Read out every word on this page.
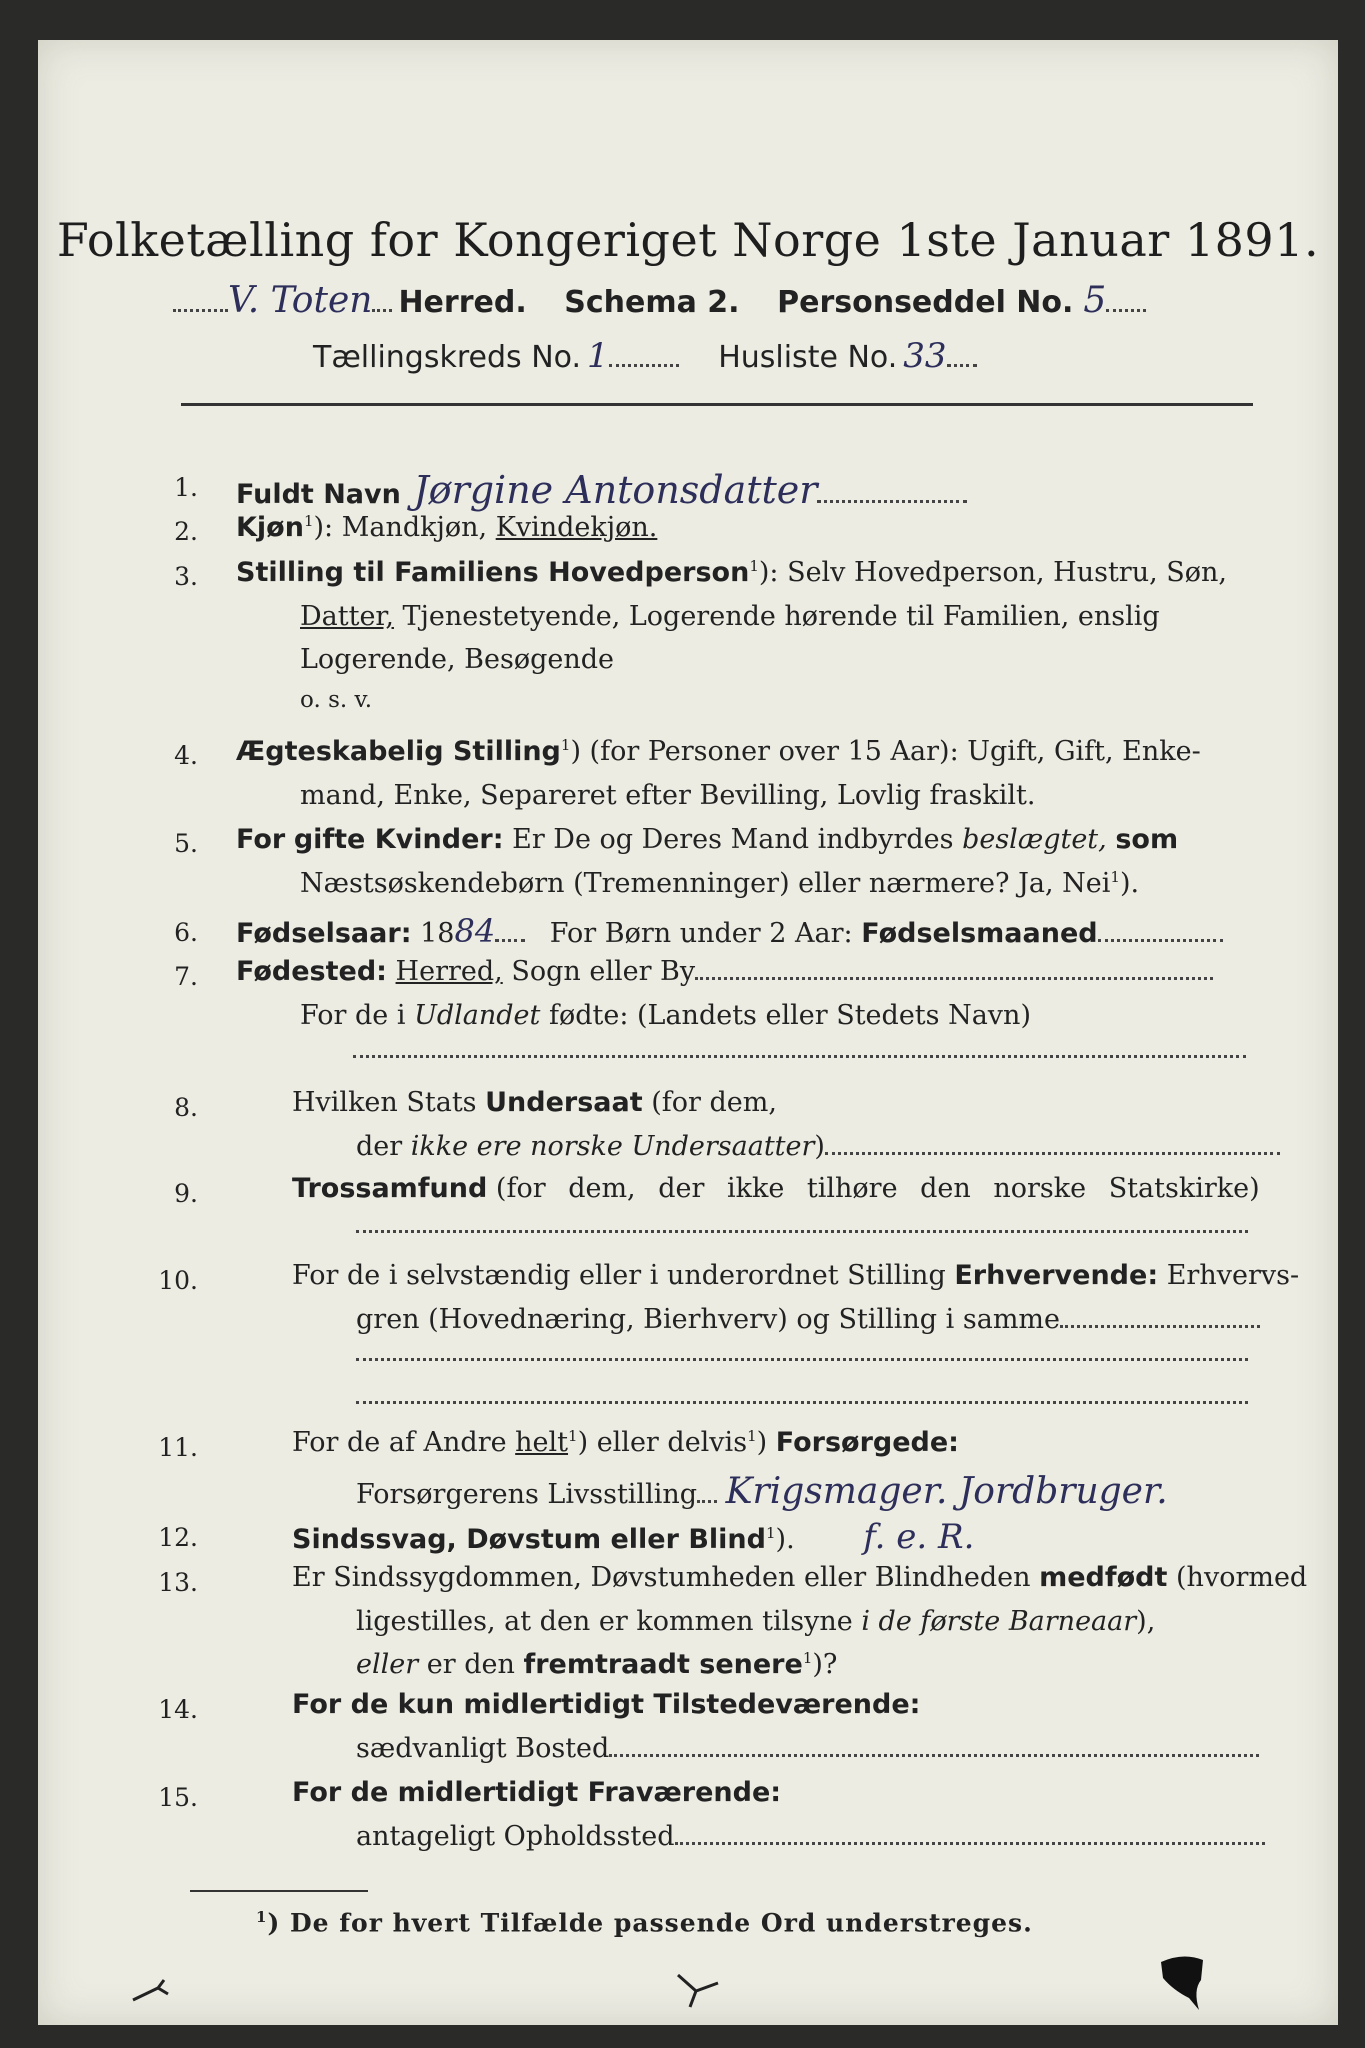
Folketælling for Kongeriget Norge 1ste Januar 1891.
V. Toten Herred. Schema 2. Personseddel No. 5
Tællingskreds No. 1	Husliste No. 33
1. Fuldt Navn Jørgine Antonsdatter
2. Kjøn$^1$): Mandkjøn, Kvindekjøn.
3. Stilling til Familiens Hovedperson$^1$): Selv Hovedperson, Hustru, Søn,
Datter, Tjenestetyende, Logerende hørende til Familien, enslig
Logerende, Besøgende
o. s. v.
4. Ægteskabelig Stilling$^1$) (for Personer over 15 Aar): Ugift, Gift, Enke-
mand, Enke, Separeret efter Bevilling, Lovlig fraskilt.
5. For gifte Kvinder: Er De og Deres Mand indbyrdes beslægtet, som
Næstsøskendebørn (Tremenninger) eller nærmere? Ja, Nei$^1$).
6. Fødselsaar: 1884 For Børn under 2 Aar: Fødselsmaaned
7. Fødested: Herred, Sogn eller By
For de i Udlandet fødte: (Landets eller Stedets Navn)
8.	Hvilken Stats Undersaat (for dem,
der ikke ere norske Undersaatter)
9.	Trossamfund (for dem, der ikke tilhøre den norske Statskirke)
10.	For de i selvstændig eller i underordnet Stilling Erhvervende: Erhvervs-
gren (Hovednæring, Bierhverv) og Stilling i samme
11.	For de af Andre helt$^1$) eller delvis$^1$) Forsørgede:
Forsørgerens Livsstilling Krigsmager. Jordbruger.
12.	Sindssvag, Døvstum eller Blind$^1$). f. e. R.
13.	Er Sindssygdommen, Døvstumheden eller Blindheden medfødt (hvormed
ligestilles, at den er kommen tilsyne i de første Barneaar),
eller er den fremtraadt senere$^1$)?
14.	For de kun midlertidigt Tilstedeværende:
sædvanligt Bosted
15.	For de midlertidigt Fraværende:
antageligt Opholdssted
$^1$) De for hvert Tilfælde passende Ord understreges.
